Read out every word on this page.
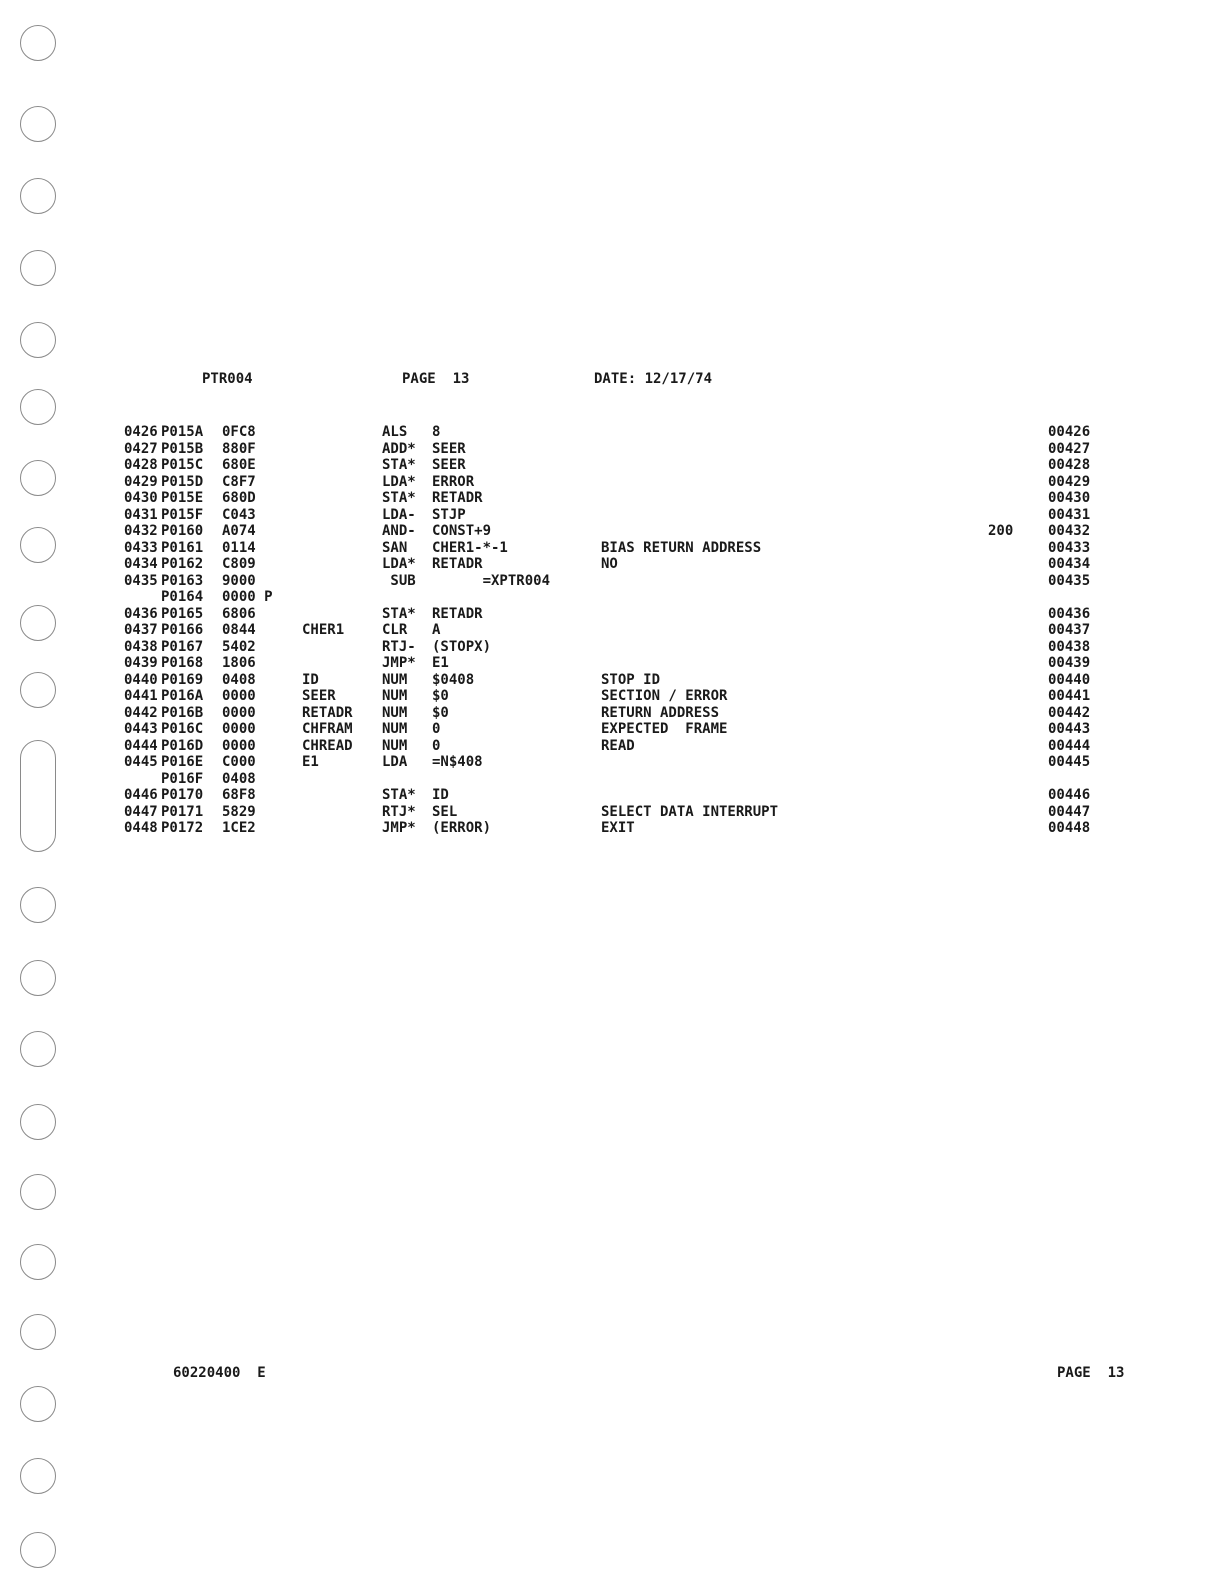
PTR004	PAGE  13	DATE: 12/17/74
0426 P015A 0FC8	ALS 8	00426
0427 P015B 880F	ADD* SEER	00427
0428 P015C 680E	STA* SEER	00428
0429 P015D C8F7	LDA* ERROR	00429
0430 P015E 680D	STA* RETADR	00430
0431 P015F C043	LDA- STJP	00431
0432 P0160 A074	AND- CONST+9	200 00432
0433 P0161 0114	SAN CHER1-*-1	BIAS RETURN ADDRESS	00433
0434 P0162 C809	LDA* RETADR	NO	00434
0435 P0163 9000	SUB =XPTR004	00435
P0164 0000 P
0436 P0165 6806	STA* RETADR	00436
0437 P0166 0844	CHER1	CLR A	00437
0438 P0167 5402	RTJ- (STOPX)	00438
0439 P0168 1806	JMP* E1	00439
0440 P0169 0408	ID	NUM $0408	STOP ID	00440
0441 P016A 0000	SEER	NUM $0	SECTION / ERROR	00441
0442 P016B 0000	RETADR NUM $0	RETURN ADDRESS	00442
0443 P016C 0000	CHFRAM NUM 0	EXPECTED  FRAME	00443
0444 P016D 0000	CHREAD NUM 0	READ	00444
0445 P016E C000	E1	LDA =N$408	00445
P016F 0408
0446 P0170 68F8	STA* ID	00446
0447 P0171 5829	RTJ* SEL	SELECT DATA INTERRUPT	00447
0448 P0172 1CE2	JMP* (ERROR)	EXIT	00448
60220400  E	PAGE  13
